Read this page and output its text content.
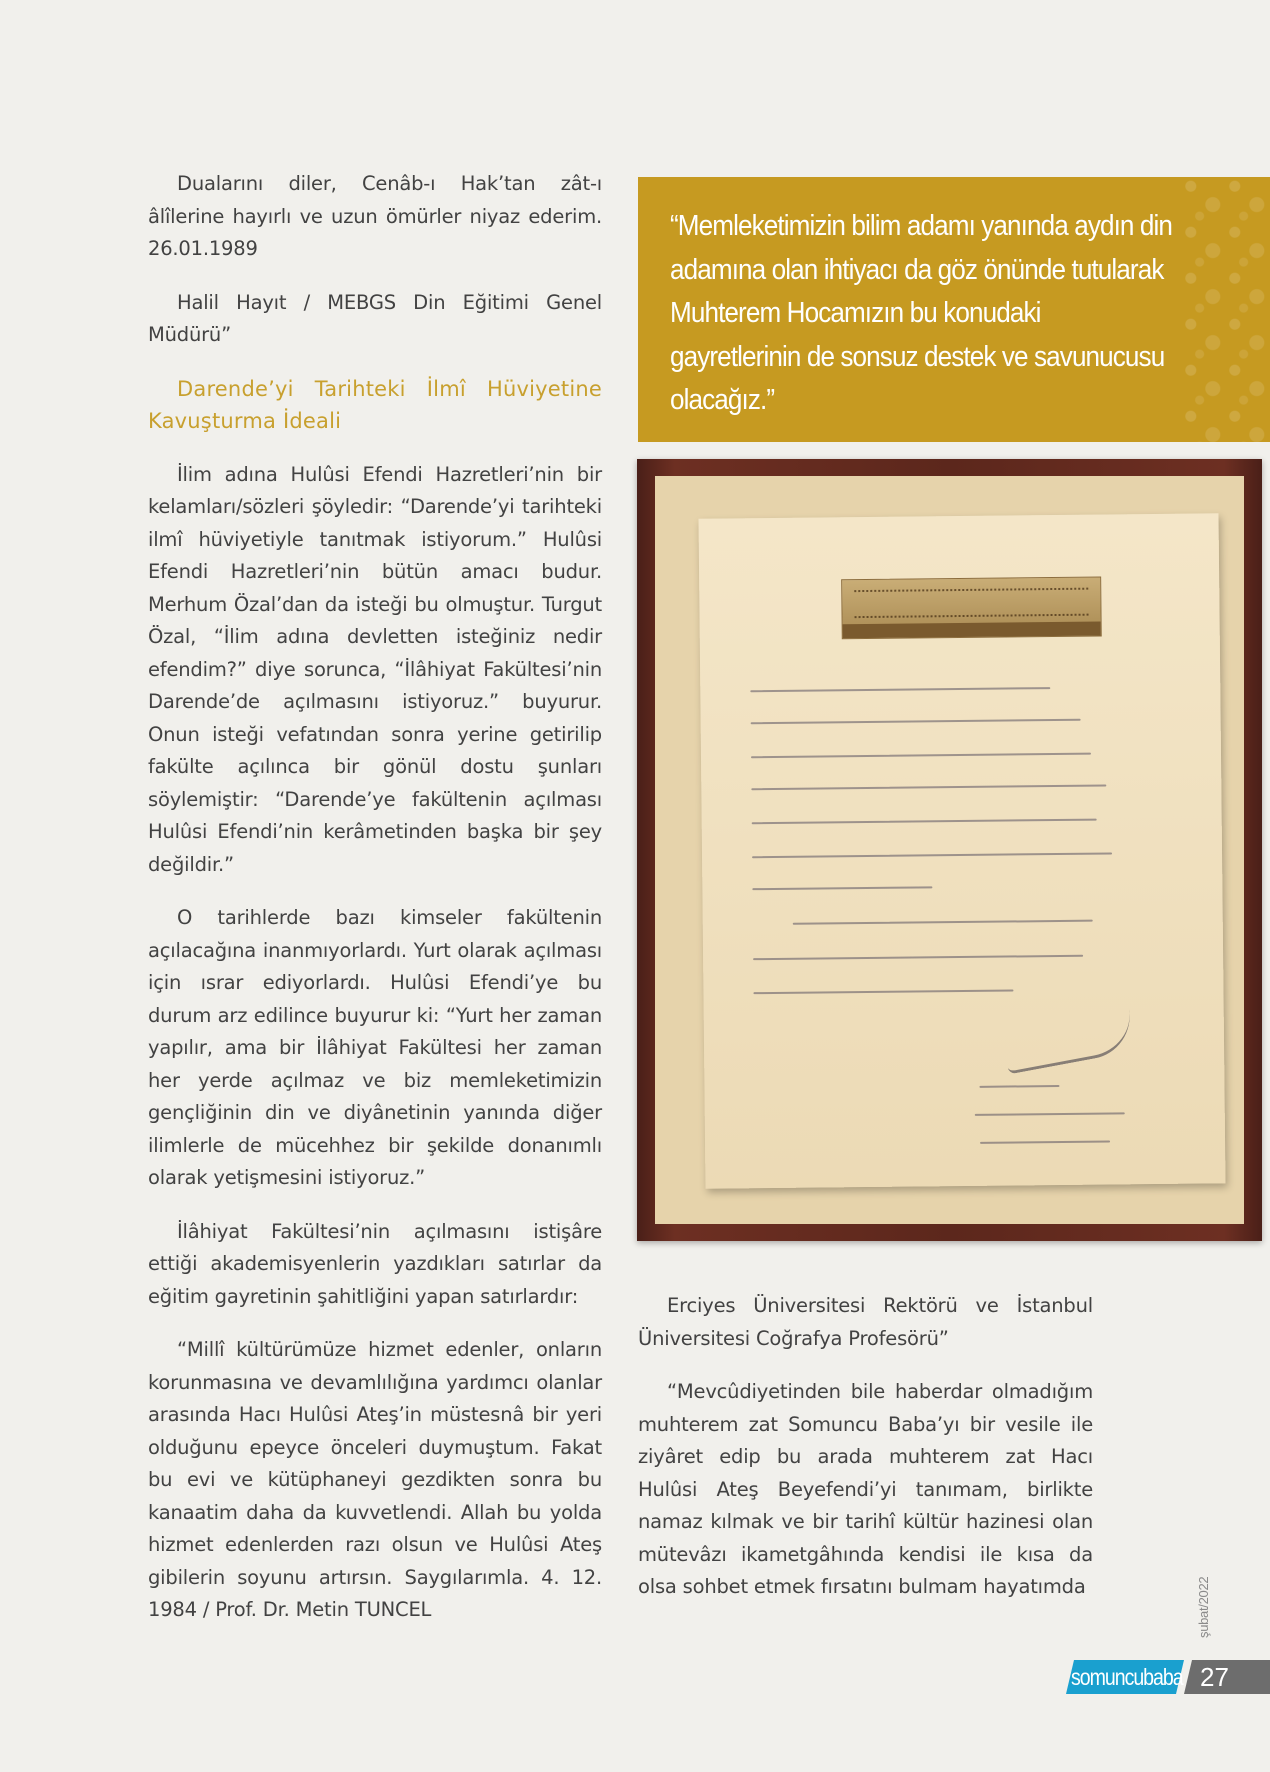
Dualarını diler, Cenâb-ı Hak’tan zât-ı âlîlerine hayırlı ve uzun ömürler niyaz ederim. 26.01.1989

Halil Hayıt / MEBGS Din Eğitimi Genel Müdürü”

Darende’yi Tarihteki İlmî Hüviyetine Kavuşturma İdeali

İlim adına Hulûsi Efendi Hazretleri’nin bir kelamları/sözleri şöyledir: “Darende’yi tarihteki ilmî hüviyetiyle tanıtmak istiyorum.” Hulûsi Efendi Hazretleri’nin bütün amacı budur. Merhum Özal’dan da isteği bu olmuştur. Turgut Özal, “İlim adına devletten isteğiniz nedir efendim?” diye sorunca, “İlâhiyat Fakültesi’nin Darende’de açılmasını istiyoruz.” buyurur. Onun isteği vefatından sonra yerine getirilip fakülte açılınca bir gönül dostu şunları söylemiştir: “Darende’ye fakültenin açılması Hulûsi Efendi’nin kerâmetinden başka bir şey değildir.”

O tarihlerde bazı kimseler fakültenin açılacağına inanmıyorlardı. Yurt olarak açılması için ısrar ediyorlardı. Hulûsi Efendi’ye bu durum arz edilince buyurur ki: “Yurt her zaman yapılır, ama bir İlâhiyat Fakültesi her zaman her yerde açılmaz ve biz memleketimizin gençliğinin din ve diyânetinin yanında diğer ilimlerle de mücehhez bir şekilde donanımlı olarak yetişmesini istiyoruz.”

İlâhiyat Fakültesi’nin açılmasını istişâre ettiği akademisyenlerin yazdıkları satırlar da eğitim gayretinin şahitliğini yapan satırlardır:

“Millî kültürümüze hizmet edenler, onların korunmasına ve devamlılığına yardımcı olanlar arasında Hacı Hulûsi Ateş’in müstesnâ bir yeri olduğunu epeyce önceleri duymuştum. Fakat bu evi ve kütüphaneyi gezdikten sonra bu kanaatim daha da kuvvetlendi. Allah bu yolda hizmet edenlerden razı olsun ve Hulûsi Ateş gibilerin soyunu artırsın. Saygılarımla. 4. 12. 1984 / Prof. Dr. Metin TUNCEL

“Memleketimizin bilim adamı yanında aydın din adamına olan ihtiyacı da göz önünde tutularak Muhterem Hocamızın bu konudaki gayretlerinin de sonsuz destek ve savunucusu olacağız.”

Erciyes Üniversitesi Rektörü ve İstanbul Üniversitesi Coğrafya Profesörü”

“Mevcûdiyetinden bile haberdar olmadığım muhterem zat Somuncu Baba’yı bir vesile ile ziyâret edip bu arada muhterem zat Hacı Hulûsi Ateş Beyefendi’yi tanımam, birlikte namaz kılmak ve bir tarihî kültür hazinesi olan mütevâzı ikametgâhında kendisi ile kısa da olsa sohbet etmek fırsatını bulmam hayatımda	şubat/2022
somuncubaba 27
